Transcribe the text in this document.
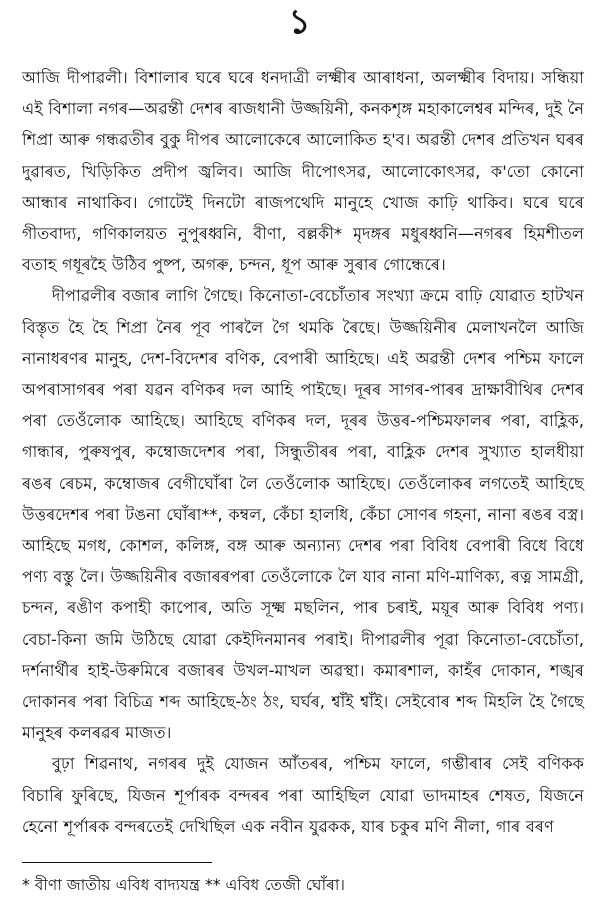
১

আজি দীপাৱলী। বিশালাৰ ঘৰে ঘৰে ধনদাত্ৰী লক্ষ্মীৰ আৰাধনা, অলক্ষ্মীৰ বিদায়। সন্ধিয়া এই বিশালা নগৰ—অৱন্তী দেশৰ ৰাজধানী উজ্জয়িনী, কনকশৃঙ্গ মহাকালেশ্বৰ মন্দিৰ, দুই নৈ শিপ্ৰা আৰু গন্ধৱতীৰ বুকু দীপৰ আলোকেৰে আলোকিত হ'ব। অৱন্তী দেশৰ প্ৰতিখন ঘৰৰ দুৱাৰত, খিড়িকিত প্ৰদীপ জ্বলিব। আজি দীপোৎসৱ, আলোকোৎসৱ, ক'তো কোনো আন্ধাৰ নাথাকিব। গোটেই দিনটো ৰাজপথেদি মানুহে খোজ কাঢ়ি থাকিব। ঘৰে ঘৰে গীতবাদ্য, গণিকালয়ত নুপুৰধ্বনি, বীণা, বল্লকী* মৃদঙ্গৰ মধুৰধ্বনি—নগৰৰ হিমশীতল বতাহ গধূৰহৈ উঠিব পুষ্প, অগৰু, চন্দন, ধূপ আৰু সুৰাৰ গোন্ধেৰে।

দীপাৱলীৰ বজাৰ লাগি গৈছে। কিনোতা-বেচোঁতাৰ সংখ্যা ক্ৰমে বাঢ়ি যোৱাত হাটখন বিস্তৃত হৈ হৈ শিপ্ৰা নৈৰ পূব পাৰলৈ গৈ থমকি ৰৈছে। উজ্জয়িনীৰ মেলাখনলৈ আজি নানাধৰণৰ মানুহ, দেশ-বিদেশৰ বণিক, বেপাৰী আহিছে। এই অৱন্তী দেশৰ পশ্চিম ফালে অপৰাসাগৰৰ পৰা যৱন বণিকৰ দল আহি পাইছে। দূৰৰ সাগৰ-পাৰৰ দ্ৰাক্ষাবীথিৰ দেশৰ পৰা তেওঁলোক আহিছে। আহিছে বণিকৰ দল, দূৰৰ উত্তৰ-পশ্চিমফালৰ পৰা, বাহ্লিক, গান্ধাৰ, পুৰুষপুৰ, কম্বোজদেশৰ পৰা, সিন্ধুতীৰৰ পৰা, বাহ্লিক দেশৰ সুখ্যাত হালধীয়া ৰঙৰ ৰেচম, কম্বোজৰ বেগীঘোঁৰা লৈ তেওঁলোক আহিছে। তেওঁলোকৰ লগতেই আহিছে উত্তৰদেশৰ পৰা টঙনা ঘোঁৰা**, কম্বল, কেঁচা হালধি, কেঁচা সোণৰ গহনা, নানা ৰঙৰ বস্ত্ৰ। আহিছে মগধ, কোশল, কলিঙ্গ, বঙ্গ আৰু অন্যান্য দেশৰ পৰা বিবিধ বেপাৰী বিধে বিধে পণ্য বস্তু লৈ। উজ্জয়িনীৰ বজাৰৰপৰা তেওঁলোকে লৈ যাব নানা মণি-মাণিক্য, ৰত্ন সামগ্ৰী, চন্দন, ৰঙীণ কপাহী কাপোৰ, অতি সূক্ষ্ম মছলিন, পাৰ চৰাই, ময়ূৰ আৰু বিবিধ পণ্য। বেচা-কিনা জমি উঠিছে যোৱা কেইদিনমানৰ পৰাই। দীপাৱলীৰ পূৱা কিনোতা-বেচোঁতা, দৰ্শনাৰ্থীৰ হাই-উৰুমিৰে বজাৰৰ উখল-মাখল অৱস্থা। কমাৰশাল, কাহঁৰ দোকান, শঙ্খৰ দোকানৰ পৰা বিচিত্ৰ শব্দ আহিছে-ঠং ঠং, ঘৰ্ঘৰ, শ্বাঁই শ্বাঁই। সেইবোৰ শব্দ মিহলি হৈ গৈছে মানুহৰ কলৰৱৰ মাজত।

বুঢ়া শিৱনাথ, নগৰৰ দুই যোজন আঁতৰৰ, পশ্চিম ফালে, গম্ভীৰাৰ সেই বণিকক বিচাৰি ফুৰিছে, যিজন শূৰ্পাৰক বন্দৰৰ পৰা আহিছিল যোৱা ভাদমাহৰ শেষত, যিজনে হেনো শূৰ্পাৰক বন্দৰতেই দেখিছিল এক নবীন যুৱকক, যাৰ চকুৰ মণি নীলা, গাৰ বৰণ

* বীণা জাতীয় এবিধ বাদ্যযন্ত্ৰ ** এবিধ তেজী ঘোঁৰা।
